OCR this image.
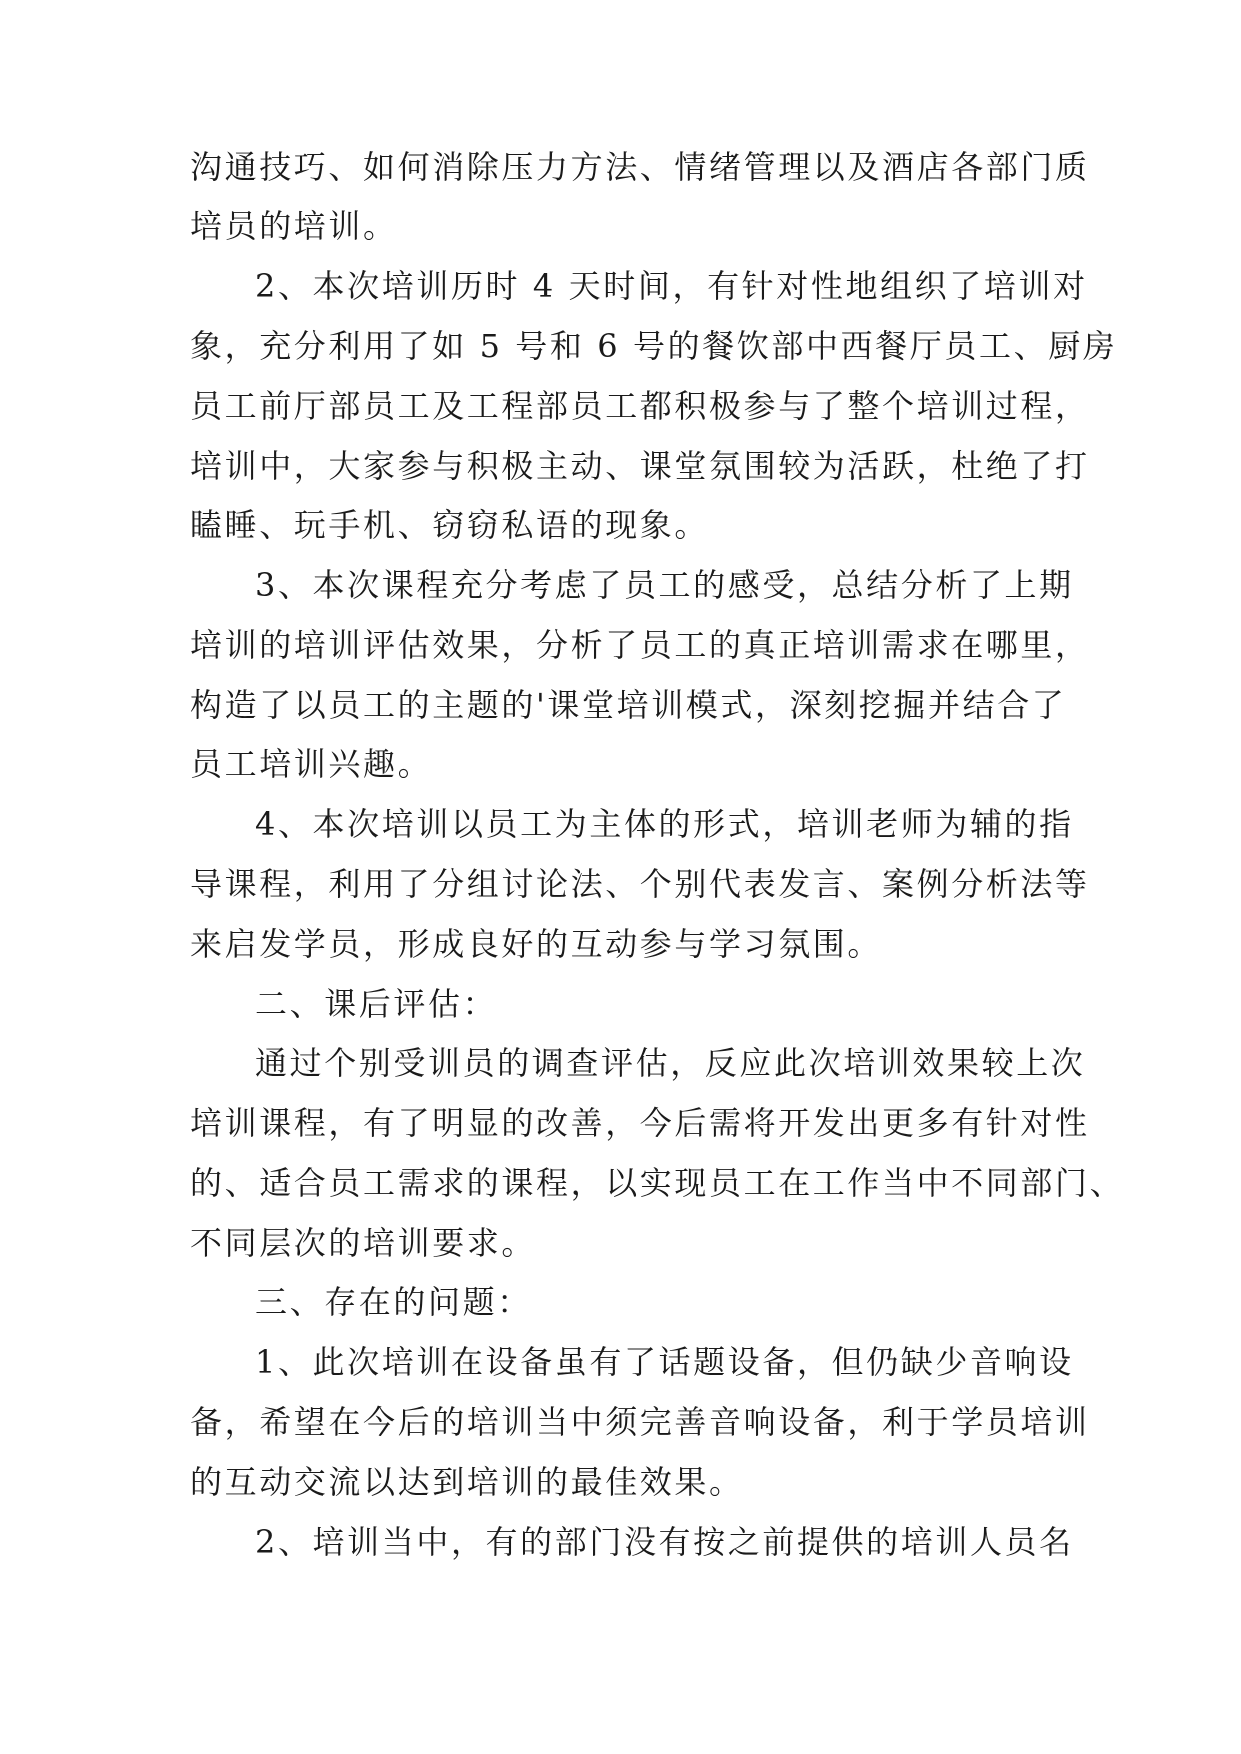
沟通技巧、如何消除压力方法、情绪管理以及酒店各部门质
培员的培训。
2、本次培训历时 4 天时间，有针对性地组织了培训对
象，充分利用了如 5 号和 6 号的餐饮部中西餐厅员工、厨房
员工前厅部员工及工程部员工都积极参与了整个培训过程，
培训中，大家参与积极主动、课堂氛围较为活跃，杜绝了打
瞌睡、玩手机、窃窃私语的现象。
3、本次课程充分考虑了员工的感受，总结分析了上期
培训的培训评估效果，分析了员工的真正培训需求在哪里，
构造了以员工的主题的'课堂培训模式，深刻挖掘并结合了
员工培训兴趣。
4、本次培训以员工为主体的形式，培训老师为辅的指
导课程，利用了分组讨论法、个别代表发言、案例分析法等
来启发学员，形成良好的互动参与学习氛围。
二、课后评估：
通过个别受训员的调查评估，反应此次培训效果较上次
培训课程，有了明显的改善，今后需将开发出更多有针对性
的、适合员工需求的课程，以实现员工在工作当中不同部门、
不同层次的培训要求。
三、存在的问题：
1、此次培训在设备虽有了话题设备，但仍缺少音响设
备，希望在今后的培训当中须完善音响设备，利于学员培训
的互动交流以达到培训的最佳效果。
2、培训当中，有的部门没有按之前提供的培训人员名
